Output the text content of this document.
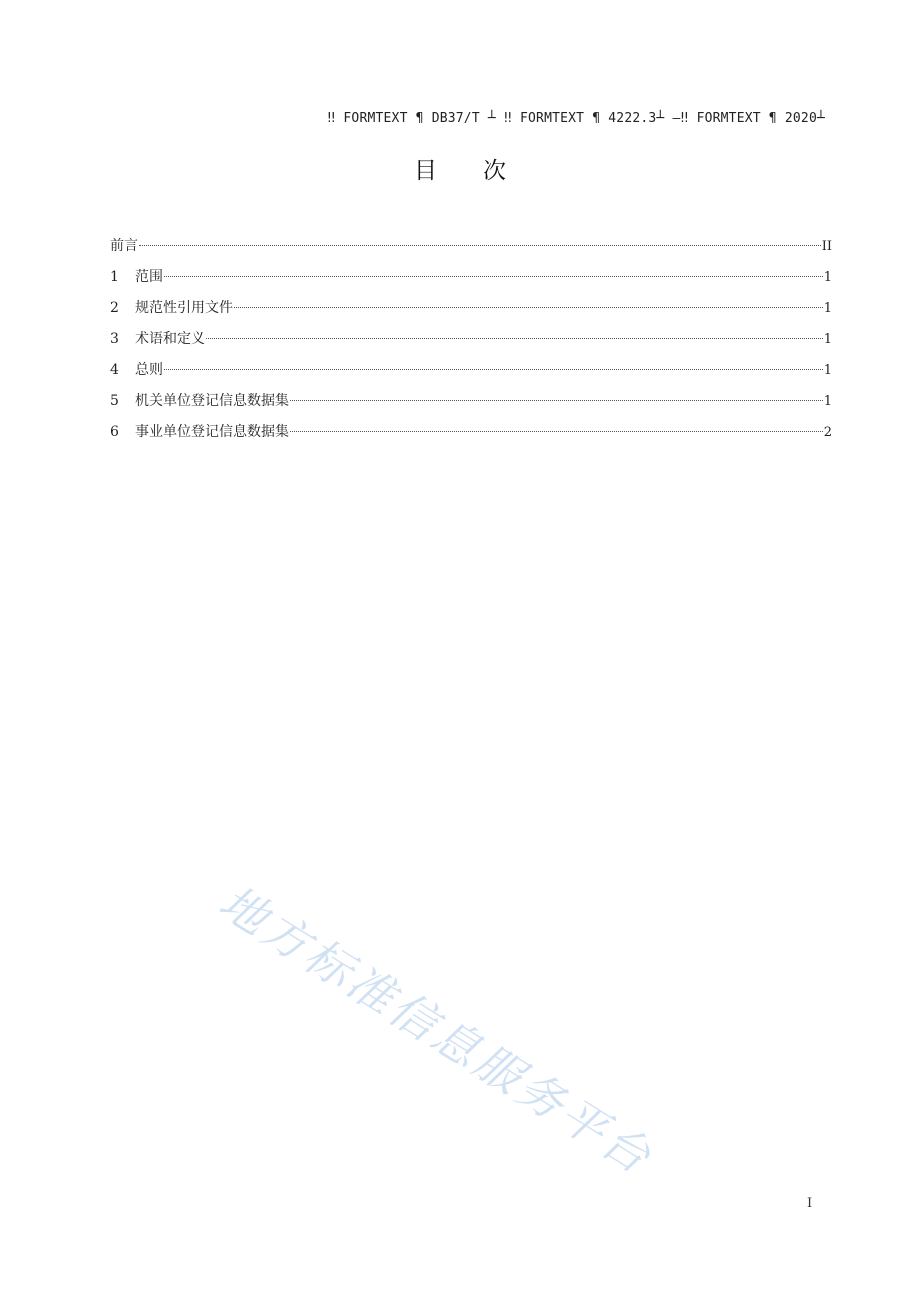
‼ FORMTEXT ¶ DB37/T ┴ ‼ FORMTEXT ¶ 4222.3┴ —‼ FORMTEXT ¶ 2020┴
目次
前言	II
1	范围	1
2	规范性引用文件	1
3	术语和定义	1
4	总则	1
5	机关单位登记信息数据集	1
6	事业单位登记信息数据集	2
地方标准信息服务平台
I
